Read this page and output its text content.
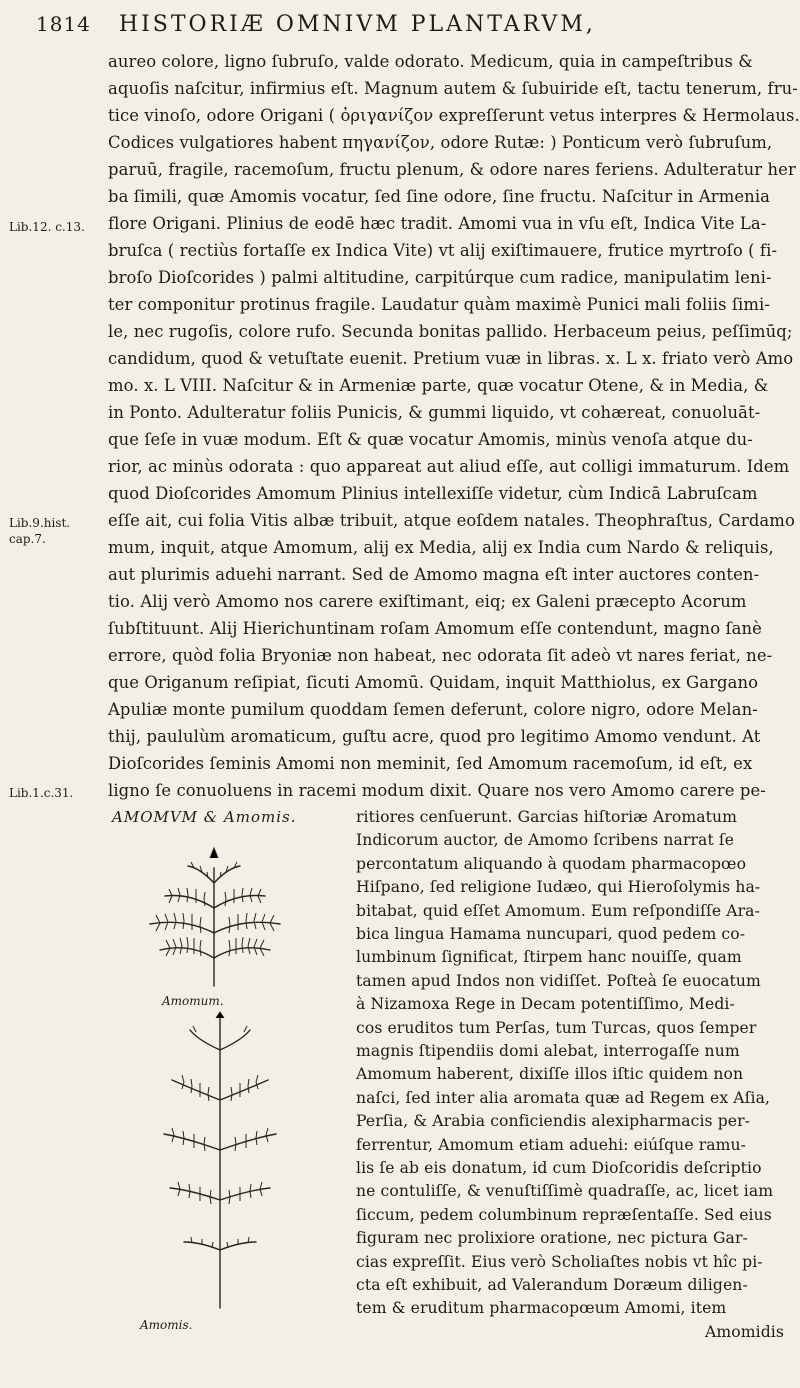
1814 HISTORIÆ OMNIVM PLANTARVM,
aureo colore, ligno ſubruſo, valde odorato. Medicum, quia in campeſtribus &
aquoſis naſcitur, infirmius eſt. Magnum autem & ſubuiride eſt, tactu tenerum, fru-
tice vinoſo, odore Origani ( ὀριγανίζον expreſſerunt vetus interpres & Hermolaus.
Codices vulgatiores habent πηγανίζον, odore Rutæ: ) Ponticum verò ſubruſum,
paruū, fragile, racemoſum, fructu plenum, & odore nares feriens. Adulteratur her
ba ſimili, quæ Amomis vocatur, ſed ſine odore, ſine fructu. Naſcitur in Armenia
flore Origani. Plinius de eodē hæc tradit. Amomi vua in vſu eſt, Indica Vite La-
bruſca ( rectiùs fortaſſe ex Indica Vite) vt alij exiſtimauere, frutice myrtroſo ( fi-
broſo Dioſcorides ) palmi altitudine, carpitúrque cum radice, manipulatim leni-
ter componitur protinus fragile. Laudatur quàm maximè Punici mali foliis ſimi-
le, nec rugoſis, colore rufo. Secunda bonitas pallido. Herbaceum peius, peſſimūq;
candidum, quod & vetuſtate euenit. Pretium vuæ in libras. x. L x. friato verò Amo
mo. x. L VIII. Naſcitur & in Armeniæ parte, quæ vocatur Otene, & in Media, &
in Ponto. Adulteratur foliis Punicis, & gummi liquido, vt cohæreat, conuoluāt-
que ſeſe in vuæ modum. Eſt & quæ vocatur Amomis, minùs venoſa atque du-
rior, ac minùs odorata : quo appareat aut aliud eſſe, aut colligi immaturum. Idem
quod Dioſcorides Amomum Plinius intellexiſſe videtur, cùm Indicā Labruſcam
eſſe ait, cui folia Vitis albæ tribuit, atque eoſdem natales. Theophraſtus, Cardamo
mum, inquit, atque Amomum, alij ex Media, alij ex India cum Nardo & reliquis,
aut plurimis aduehi narrant. Sed de Amomo magna eſt inter auctores conten-
tio. Alij verò Amomo nos carere exiſtimant, eiq; ex Galeni præcepto Acorum
ſubſtituunt. Alij Hierichuntinam roſam Amomum eſſe contendunt, magno ſanè
errore, quòd folia Bryoniæ non habeat, nec odorata ſit adeò vt nares feriat, ne-
que Origanum reſipiat, ſicuti Amomū. Quidam, inquit Matthiolus, ex Gargano
Apuliæ monte pumilum quoddam ſemen deferunt, colore nigro, odore Melan-
thij, paululùm aromaticum, guſtu acre, quod pro legitimo Amomo vendunt. At
Dioſcorides ſeminis Amomi non meminit, ſed Amomum racemoſum, id eſt, ex
ligno ſe conuoluens in racemi modum dixit. Quare nos vero Amomo carere pe-
Lib.12. c.13.
Lib.9.hist.
cap.7.
Lib.1.c.31.
ritiores cenſuerunt. Garcias hiſtoriæ Aromatum
Indicorum auctor, de Amomo ſcribens narrat ſe
percontatum aliquando à quodam pharmacopœo
Hiſpano, ſed religione Iudæo, qui Hieroſolymis ha-
bitabat, quid eſſet Amomum. Eum reſpondiſſe Ara-
bica lingua Hamama nuncupari, quod pedem co-
lumbinum ſignificat, ſtirpem hanc nouiſſe, quam
tamen apud Indos non vidiſſet. Poſteà ſe euocatum
à Nizamoxa Rege in Decam potentiſſimo, Medi-
cos eruditos tum Perſas, tum Turcas, quos ſemper
magnis ſtipendiis domi alebat, interrogaſſe num
Amomum haberent, dixiſſe illos iſtic quidem non
naſci, ſed inter alia aromata quæ ad Regem ex Aſia,
Perſia, & Arabia conficiendis alexipharmacis per-
ferrentur, Amomum etiam aduehi: eiúſque ramu-
lis ſe ab eis donatum, id cum Dioſcoridis deſcriptio
ne contuliſſe, & venuſtiſſimè quadraſſe, ac, licet iam
ſiccum, pedem columbinum repræſentaſſe. Sed eius
figuram nec prolixiore oratione, nec pictura Gar-
cias expreſſit. Eius verò Scholiaſtes nobis vt hîc pi-
cta eſt exhibuit, ad Valerandum Doræum diligen-
tem & eruditum pharmacopœum Amomi, item
Amomidis
AMOMVM & Amomis.
Amomum.
Amomis.
